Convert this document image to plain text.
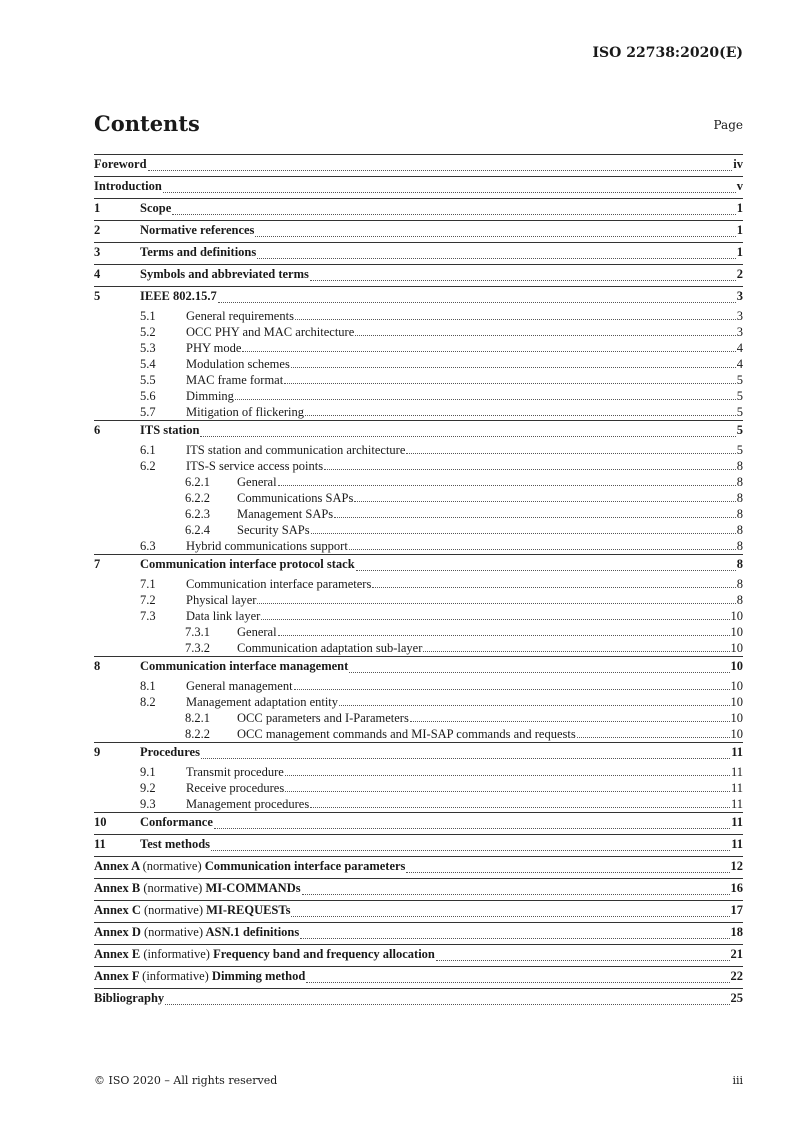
ISO 22738:2020(E)
Contents	Page
Foreword	iv
Introduction	v
1	Scope	1
2	Normative references	1
3	Terms and definitions	1
4	Symbols and abbreviated terms	2
5	IEEE 802.15.7	3
5.1	General requirements	3
5.2	OCC PHY and MAC architecture	3
5.3	PHY mode	4
5.4	Modulation schemes	4
5.5	MAC frame format	5
5.6	Dimming	5
5.7	Mitigation of flickering	5
6	ITS station	5
6.1	ITS station and communication architecture	5
6.2	ITS-S service access points	8
6.2.1	General	8
6.2.2	Communications SAPs	8
6.2.3	Management SAPs	8
6.2.4	Security SAPs	8
6.3	Hybrid communications support	8
7	Communication interface protocol stack	8
7.1	Communication interface parameters	8
7.2	Physical layer	8
7.3	Data link layer	10
7.3.1	General	10
7.3.2	Communication adaptation sub-layer	10
8	Communication interface management	10
8.1	General management	10
8.2	Management adaptation entity	10
8.2.1	OCC parameters and I-Parameters	10
8.2.2	OCC management commands and MI-SAP commands and requests	10
9	Procedures	11
9.1	Transmit procedure	11
9.2	Receive procedures	11
9.3	Management procedures	11
10	Conformance	11
11	Test methods	11
Annex A (normative) Communication interface parameters	12
Annex B (normative) MI-COMMANDs	16
Annex C (normative) MI-REQUESTs	17
Annex D (normative) ASN.1 definitions	18
Annex E (informative) Frequency band and frequency allocation	21
Annex F (informative) Dimming method	22
Bibliography	25
© ISO 2020 – All rights reserved	iii
